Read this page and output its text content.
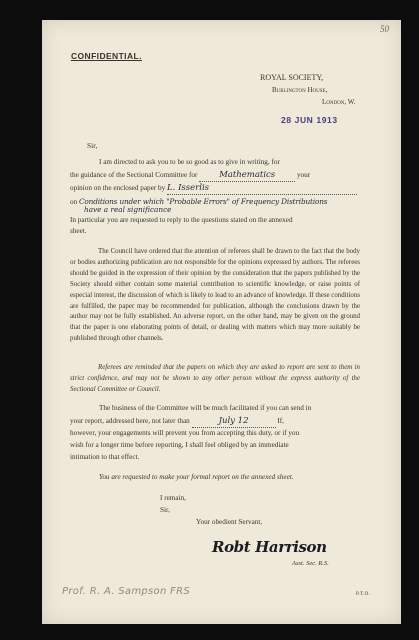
50
CONFIDENTIAL.
ROYAL SOCIETY,
Burlington House,
London, W.
28 JUN 1913
Sir,
I am directed to ask you to be so good as to give in writing, for
the guidance of the Sectional Committee for	Mathematics	your
opinion on the enclosed paper by L. Isserlis
on Conditions under which "Probable Errors" of Frequency Distributions
have a real significance
In particular you are requested to reply to the questions stated on the annexed
sheet.
The Council have ordered that the attention of referees shall be drawn to the fact that the body or bodies authorizing publication are not responsible for the opinions expressed by authors. The referees should be guided in the expression of their opinion by the consideration that the papers published by the Society should either contain some material contribution to scientific knowledge, or raise points of especial interest, the discussion of which is likely to lead to an advance of knowledge. If these conditions are fulfilled, the paper may be recommended for publication, although the conclusions drawn by the author may not be fully established. An adverse report, on the other hand, may be given on the ground that the paper is one elaborating points of detail, or dealing with matters which may more suitably be published through other channels.
Referees are reminded that the papers on which they are asked to report are sent to them in strict confidence, and may not be shown to any other person without the express authority of the Sectional Committee or Council.
The business of the Committee will be much facilitated if you can send in
your report, addressed here, not later than	July 12	If,
however, your engagements will prevent you from accepting this duty, or if you
wish for a longer time before reporting, I shall feel obliged by an immediate
intimation to that effect.
You are requested to make your formal report on the annexed sheet.
I remain,
Sir,
Your obedient Servant,
Robt Harrison
Asst. Sec. R.S.
P.T.O.
Prof. R. A. Sampson FRS
